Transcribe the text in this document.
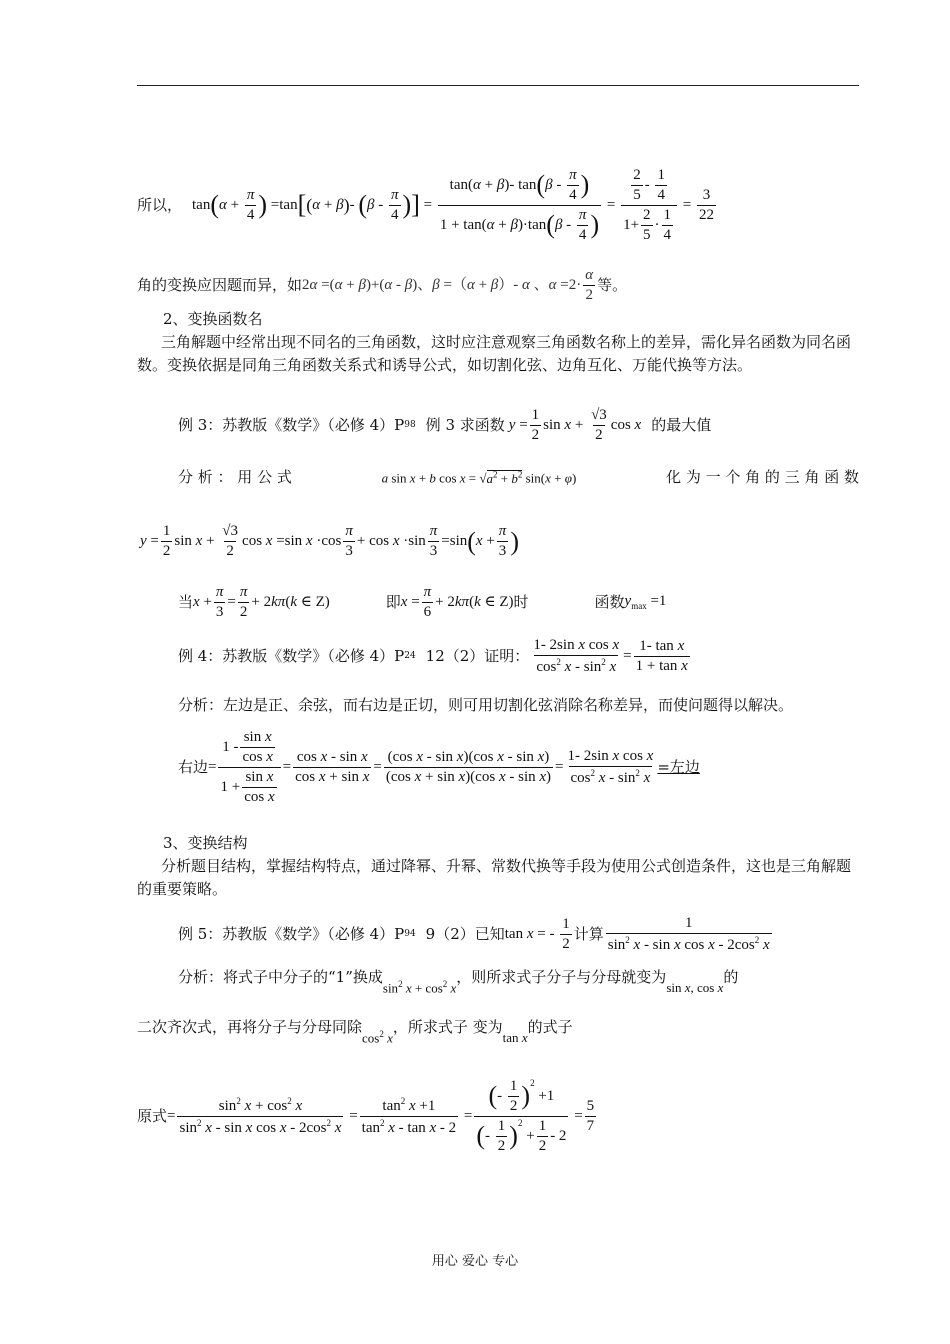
所以， tan ( $\alpha + \frac{\pi}{4}$ ) =tan [ ( α + β ) - ( β - $\frac{\pi}{4}$ ) ] = $\frac{\tan( \alpha + \beta )- \tan ( \beta - \frac{\pi}{4} )}{1 + \tan( \alpha + \beta )\cdot\tan ( \beta - \frac{\pi}{4} )} = \frac{\frac{2}{5} - \frac{1}{4}}{1+ \frac{2}{5} \cdot \frac{1}{4}} = \frac{3}{22}$
角的变换应因题而异，如 2 α =( α + β )+( α - β )、 β =（ α + β ）- α 、 $\alpha =2\cdot \frac{\alpha}{2}$ 等。
2、变换函数名
三角解题中经常出现不同名的三角函数，这时应注意观察三角函数名称上的差异，需化异名函数为同名函数。变换依据是同角三角函数关系式和诱导公式，如切割化弦、边角互化、万能代换等方法。
例 3：苏教版《数学》（必修 4）P 98 例 3 求函数 $y = \frac{1}{2}$ $\sin x + \frac{√3}{2}$ cos x 的最大值
分 析 ： 用 公 式	a sin x + b $\cos x = √a^2 + b^2$ sin(x + φ)	化 为 一 个 角 的 三 角 函 数
$y = \frac{1}{2}$ $\sin x + \frac{√3}{2}$ cos x =sin $x \cdot\cos \frac{\pi}{3} + \cos x \cdot\sin \frac{\pi}{3} =\sin$ ( $x + \frac{\pi}{3}$ )
当 $x + \frac{\pi}{3} = \frac{\pi}{2} + 2$ kπ ( k ∈ Z)	即 $x = \frac{\pi}{6} + 2$ kπ ( k ∈ Z) 时	函数 $y_{max} =1$
例 4：苏教版《数学》（必修 4）P 24 12（2）证明： $\frac{\text{1- 2sin x cos x}}{\cos^2 x - \sin^2 x} = \frac{\text{1- tan x}}{\text{1 + tan x}}$
分析：左边是正、余弦，而右边是正切，则可用切割化弦消除名称差异，而使问题得以解决。
右边 = $\frac{1 - \frac{\text{sin x}}{\text{cos x}}}{1 + \frac{\text{sin x}}{\text{cos x}}} = \frac{\text{cos x - sin x}}{\text{cos x + sin x}} = \frac{\text{(cos x - sin x)(cos x - sin x)}}{\text{(cos x + sin x)(cos x - sin x)}} = \frac{\text{1- 2sin x cos x}}{\cos^2 x - \sin^2 x}$ =左边
3、变换结构
分析题目结构，掌握结构特点，通过降幂、升幂、常数代换等手段为使用公式创造条件，这也是三角解题的重要策略。
例 5：苏教版《数学》（必修 4）P 94 9（2）已知 tan x = - $\frac{1}{2}$ 计算 $\frac{1}{\sin^2 x - \sin x \cos x - 2\cos^2 x}$
分析：将式子中分子的“1”换成
$\sin^2 x + \cos^2 x$
，则所求式子分子与分母就变为
sin x, cos x
的
二次齐次式，再将分子与分母同除
$\cos^2 x$
，所求式子 变为
tan x
的式子
原式 = $\frac{\sin^2 x + \cos^2 x}{\sin^2 x - \sin x \cos x - 2\cos^2 x} = \frac{\tan^2 x +1}{\tan^2 x - \tan x - 2}$ = ( - $\frac{1}{2} )^2$
+1
( - $\frac{1}{2} )^2$
+ $\frac{1}{2} - 2 = \frac{5}{7}$
用心 爱心 专心
